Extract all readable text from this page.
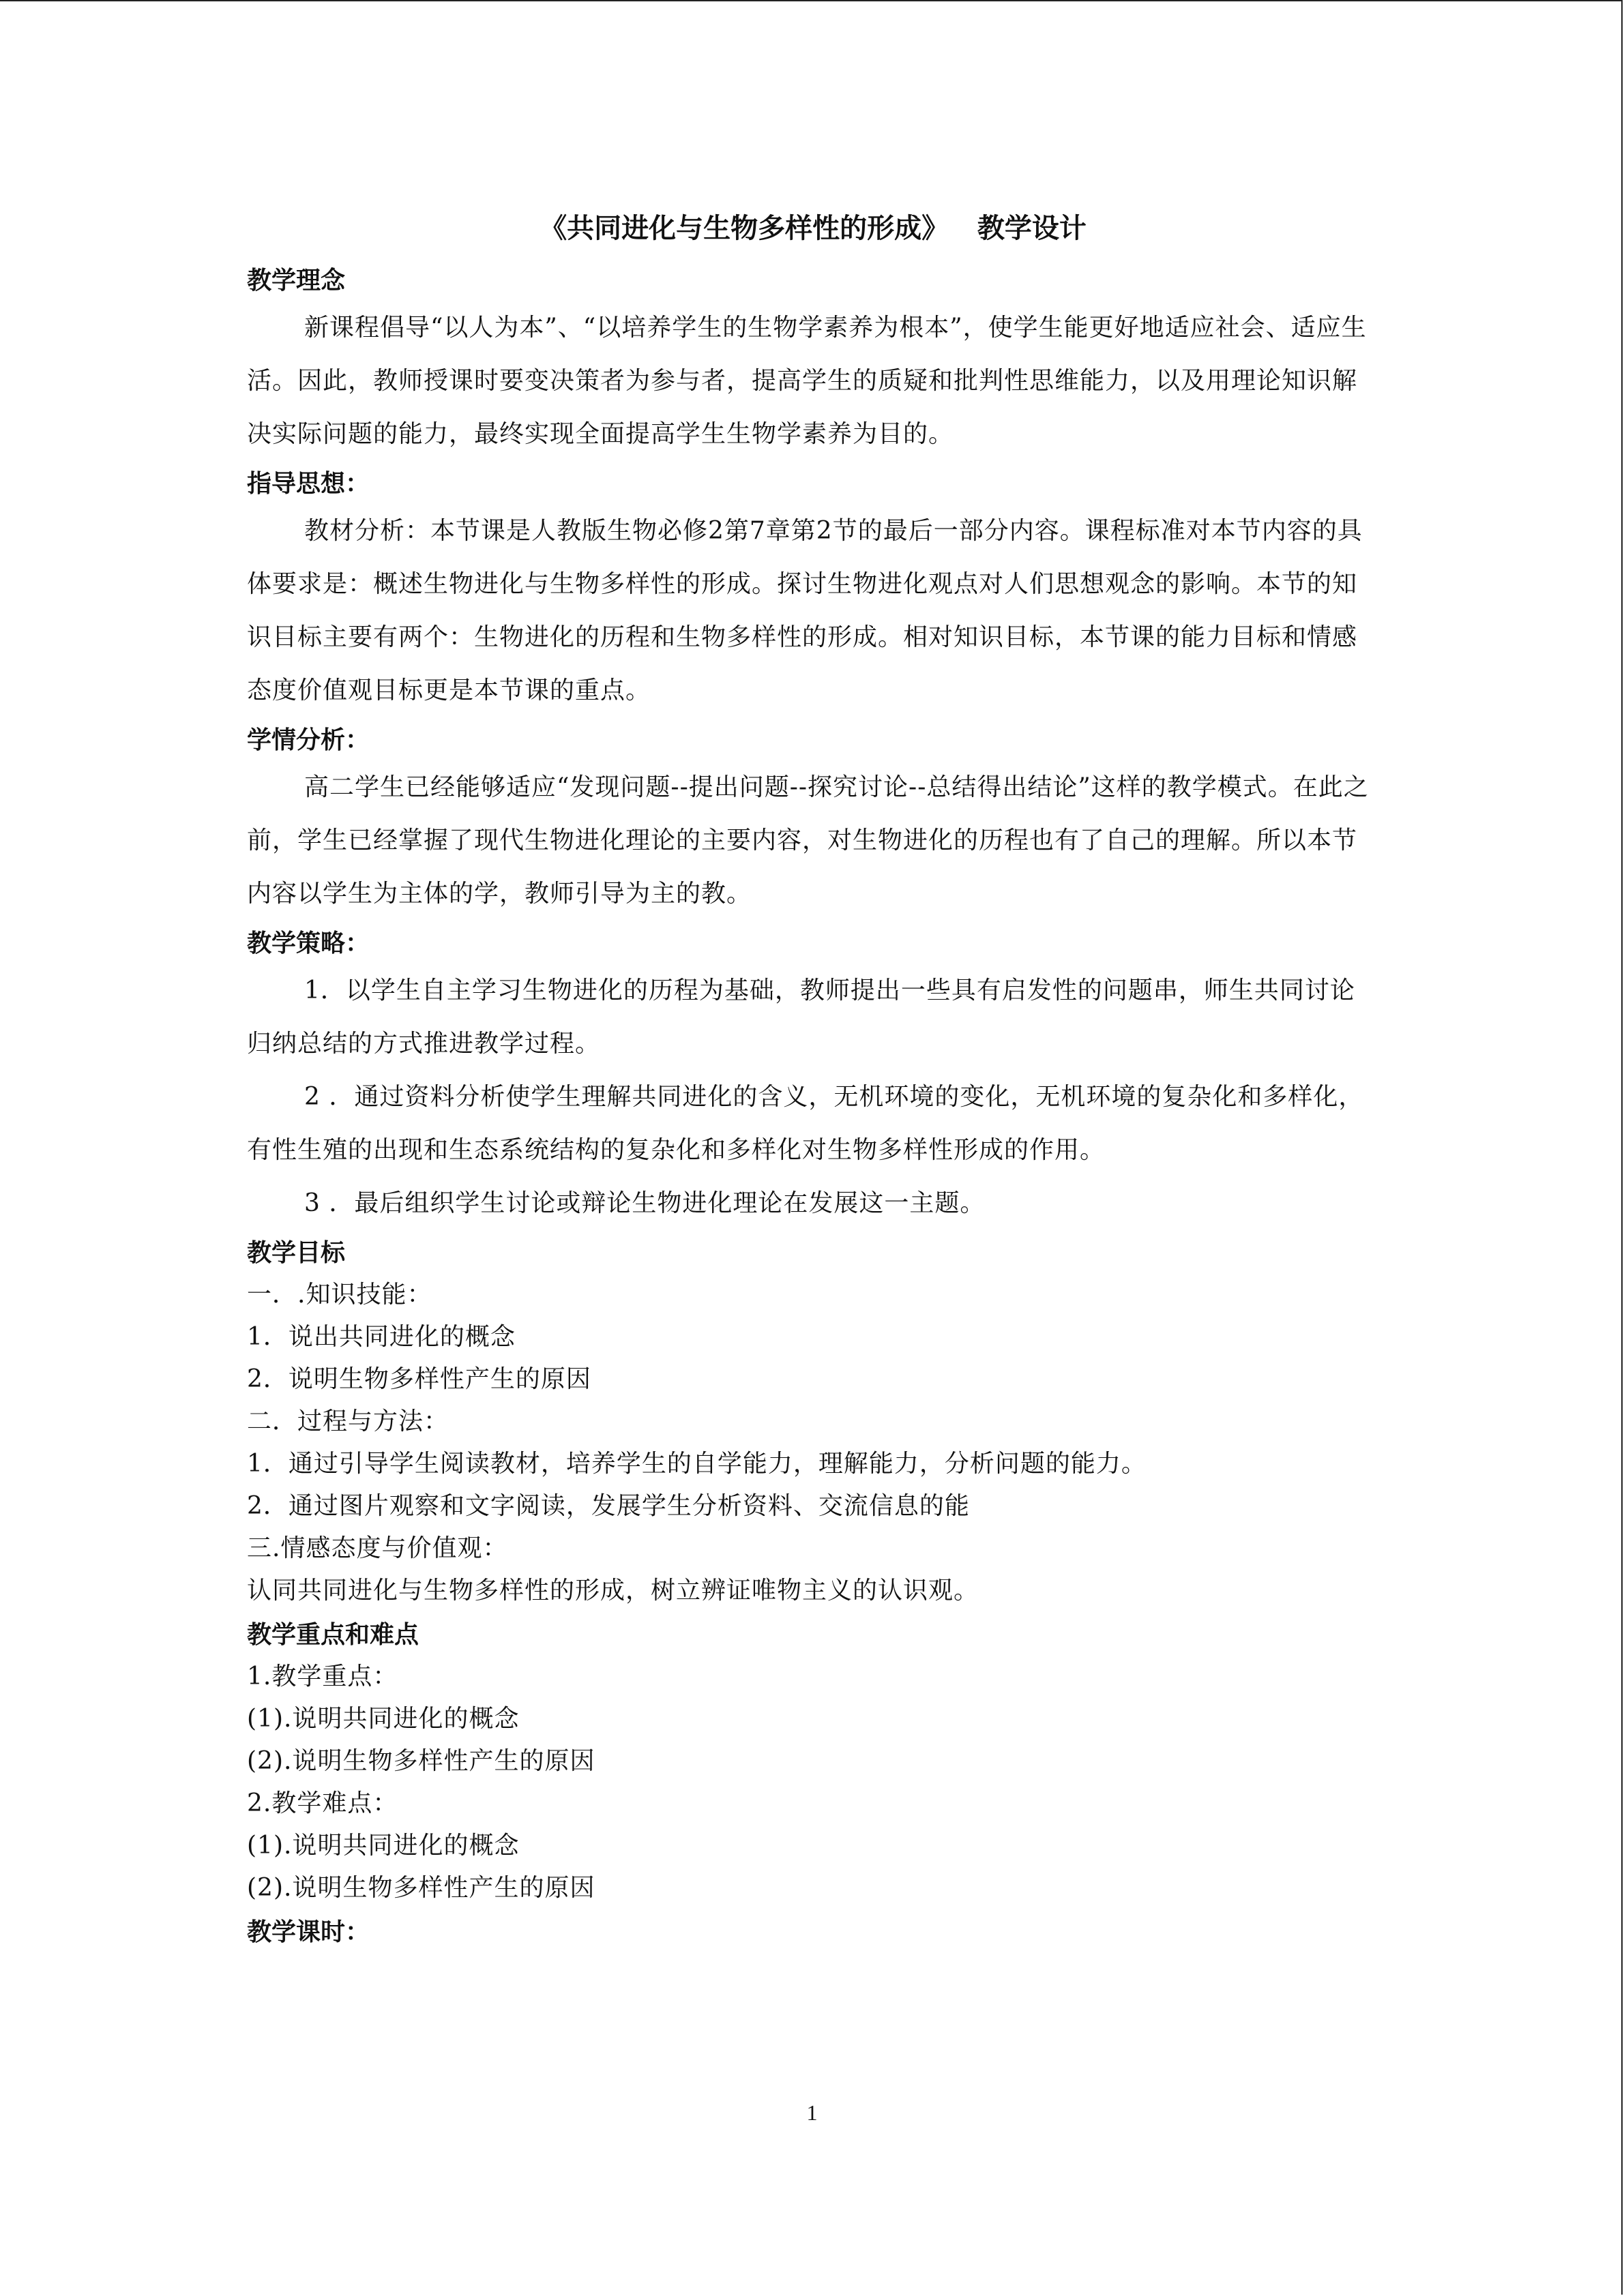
《共同进化与生物多样性的形成》   教学设计
教学理念

新课程倡导“以人为本”、“以培养学生的生物学素养为根本”，使学生能更好地适应社会、适应生活。因此，教师授课时要变决策者为参与者，提高学生的质疑和批判性思维能力，以及用理论知识解决实际问题的能力，最终实现全面提高学生生物学素养为目的。

指导思想：

教材分析：本节课是人教版生物必修2第7章第2节的最后一部分内容。课程标准对本节内容的具体要求是：概述生物进化与生物多样性的形成。探讨生物进化观点对人们思想观念的影响。本节的知识目标主要有两个：生物进化的历程和生物多样性的形成。相对知识目标，本节课的能力目标和情感态度价值观目标更是本节课的重点。

学情分析：

高二学生已经能够适应“发现问题--提出问题--探究讨论--总结得出结论”这样的教学模式。在此之前，学生已经掌握了现代生物进化理论的主要内容，对生物进化的历程也有了自己的理解。所以本节内容以学生为主体的学，教师引导为主的教。

教学策略：

1．以学生自主学习生物进化的历程为基础，教师提出一些具有启发性的问题串，师生共同讨论归纳总结的方式推进教学过程。

2 ．通过资料分析使学生理解共同进化的含义，无机环境的变化，无机环境的复杂化和多样化，有性生殖的出现和生态系统结构的复杂化和多样化对生物多样性形成的作用。

3 ．最后组织学生讨论或辩论生物进化理论在发展这一主题。

教学目标

一．.知识技能：

1．说出共同进化的概念

2．说明生物多样性产生的原因

二．过程与方法：

1．通过引导学生阅读教材，培养学生的自学能力，理解能力，分析问题的能力。

2．通过图片观察和文字阅读，发展学生分析资料、交流信息的能

三.情感态度与价值观：

认同共同进化与生物多样性的形成，树立辨证唯物主义的认识观。

教学重点和难点

1.教学重点：

(1).说明共同进化的概念

(2).说明生物多样性产生的原因

2.教学难点：

(1).说明共同进化的概念

(2).说明生物多样性产生的原因

教学课时：
1
